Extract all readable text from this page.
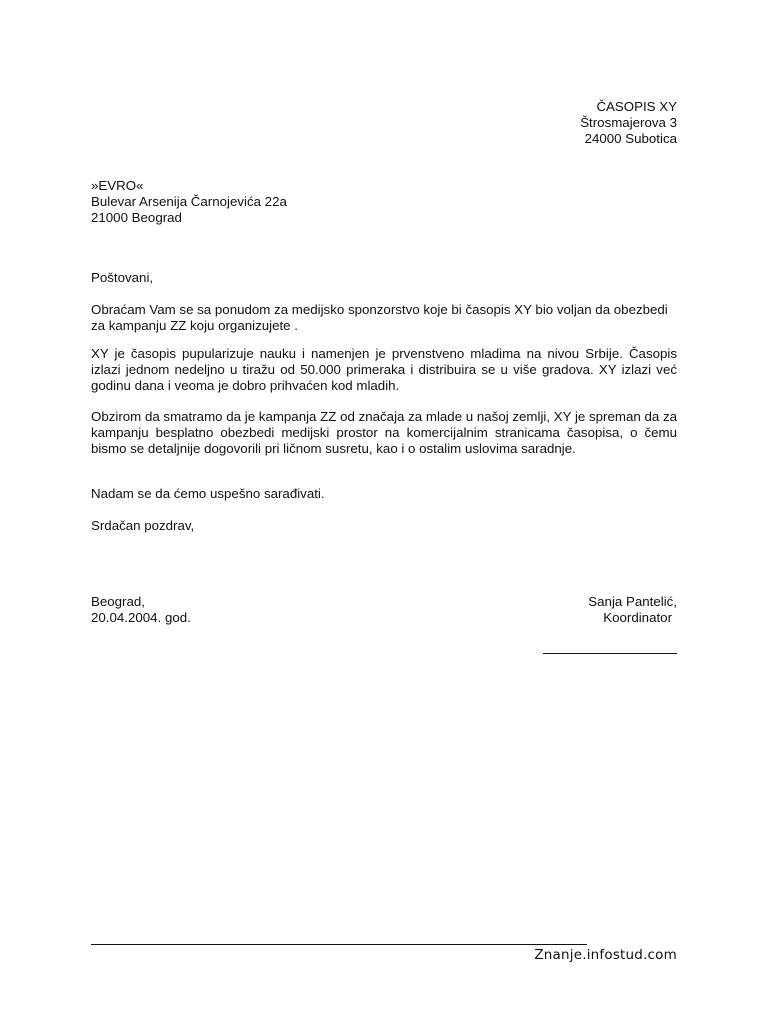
ČASOPIS XY
Štrosmajerova 3
24000 Subotica
»EVRO«
Bulevar Arsenija Čarnojevića 22a
21000 Beograd
Poštovani,
Obraćam Vam se sa ponudom za medijsko sponzorstvo koje bi časopis XY bio voljan da obezbedi za kampanju ZZ koju organizujete .
XY je časopis pupularizuje nauku i namenjen je prvenstveno mladima na nivou Srbije. Časopis izlazi jednom nedeljno u tiražu od 50.000 primeraka i distribuira se u više gradova. XY izlazi već godinu dana i veoma je dobro prihvaćen kod mladih.
Obzirom da smatramo da je kampanja ZZ od značaja za mlade u našoj zemlji, XY je spreman da za kampanju besplatno obezbedi medijski prostor na komercijalnim stranicama časopisa, o čemu bismo se detaljnije dogovorili pri ličnom susretu, kao i o ostalim uslovima saradnje.
Nadam se da ćemo uspešno sarađivati.
Srdačan pozdrav,
Beograd,
20.04.2004. god.
Sanja Pantelić,
Koordinator
Znanje.infostud.com
